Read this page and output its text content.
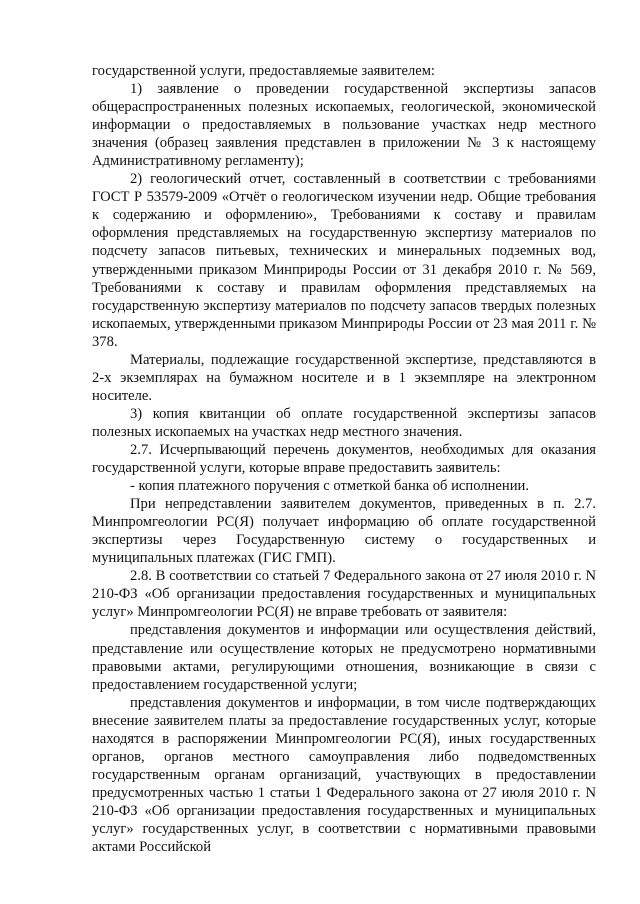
государственной услуги, предоставляемые заявителем:

1) заявление о проведении государственной экспертизы запасов общераспространенных полезных ископаемых, геологической, экономической информации о предоставляемых в пользование участках недр местного значения (образец заявления представлен в приложении № 3 к настоящему Административному регламенту);

2) геологический отчет, составленный в соответствии с требованиями ГОСТ Р 53579-2009 «Отчёт о геологическом изучении недр. Общие требования к содержанию и оформлению», Требованиями к составу и правилам оформления представляемых на государственную экспертизу материалов по подсчету запасов питьевых, технических и минеральных подземных вод, утвержденными приказом Минприроды России от 31 декабря 2010 г. № 569, Требованиями к составу и правилам оформления представляемых на государственную экспертизу материалов по подсчету запасов твердых полезных ископаемых, утвержденными приказом Минприроды России от 23 мая 2011 г. № 378.

Материалы, подлежащие государственной экспертизе, представляются в 2-х экземплярах на бумажном носителе и в 1 экземпляре на электронном носителе.

3) копия квитанции об оплате государственной экспертизы запасов полезных ископаемых на участках недр местного значения.

2.7. Исчерпывающий перечень документов, необходимых для оказания государственной услуги, которые вправе предоставить заявитель:

- копия платежного поручения с отметкой банка об исполнении.

При непредставлении заявителем документов, приведенных в п. 2.7. Минпромгеологии РС(Я) получает информацию об оплате государственной экспертизы через Государственную систему о государственных и муниципальных платежах (ГИС ГМП).

2.8. В соответствии со статьей 7 Федерального закона от 27 июля 2010 г. N 210-ФЗ «Об организации предоставления государственных и муниципальных услуг» Минпромгеологии РС(Я) не вправе требовать от заявителя:

представления документов и информации или осуществления действий, представление или осуществление которых не предусмотрено нормативными правовыми актами, регулирующими отношения, возникающие в связи с предоставлением государственной услуги;

представления документов и информации, в том числе подтверждающих внесение заявителем платы за предоставление государственных услуг, которые находятся в распоряжении Минпромгеологии РС(Я), иных государственных органов, органов местного самоуправления либо подведомственных государственным органам организаций, участвующих в предоставлении предусмотренных частью 1 статьи 1 Федерального закона от 27 июля 2010 г. N 210-ФЗ «Об организации предоставления государственных и муниципальных услуг» государственных услуг, в соответствии с нормативными правовыми актами Российской
